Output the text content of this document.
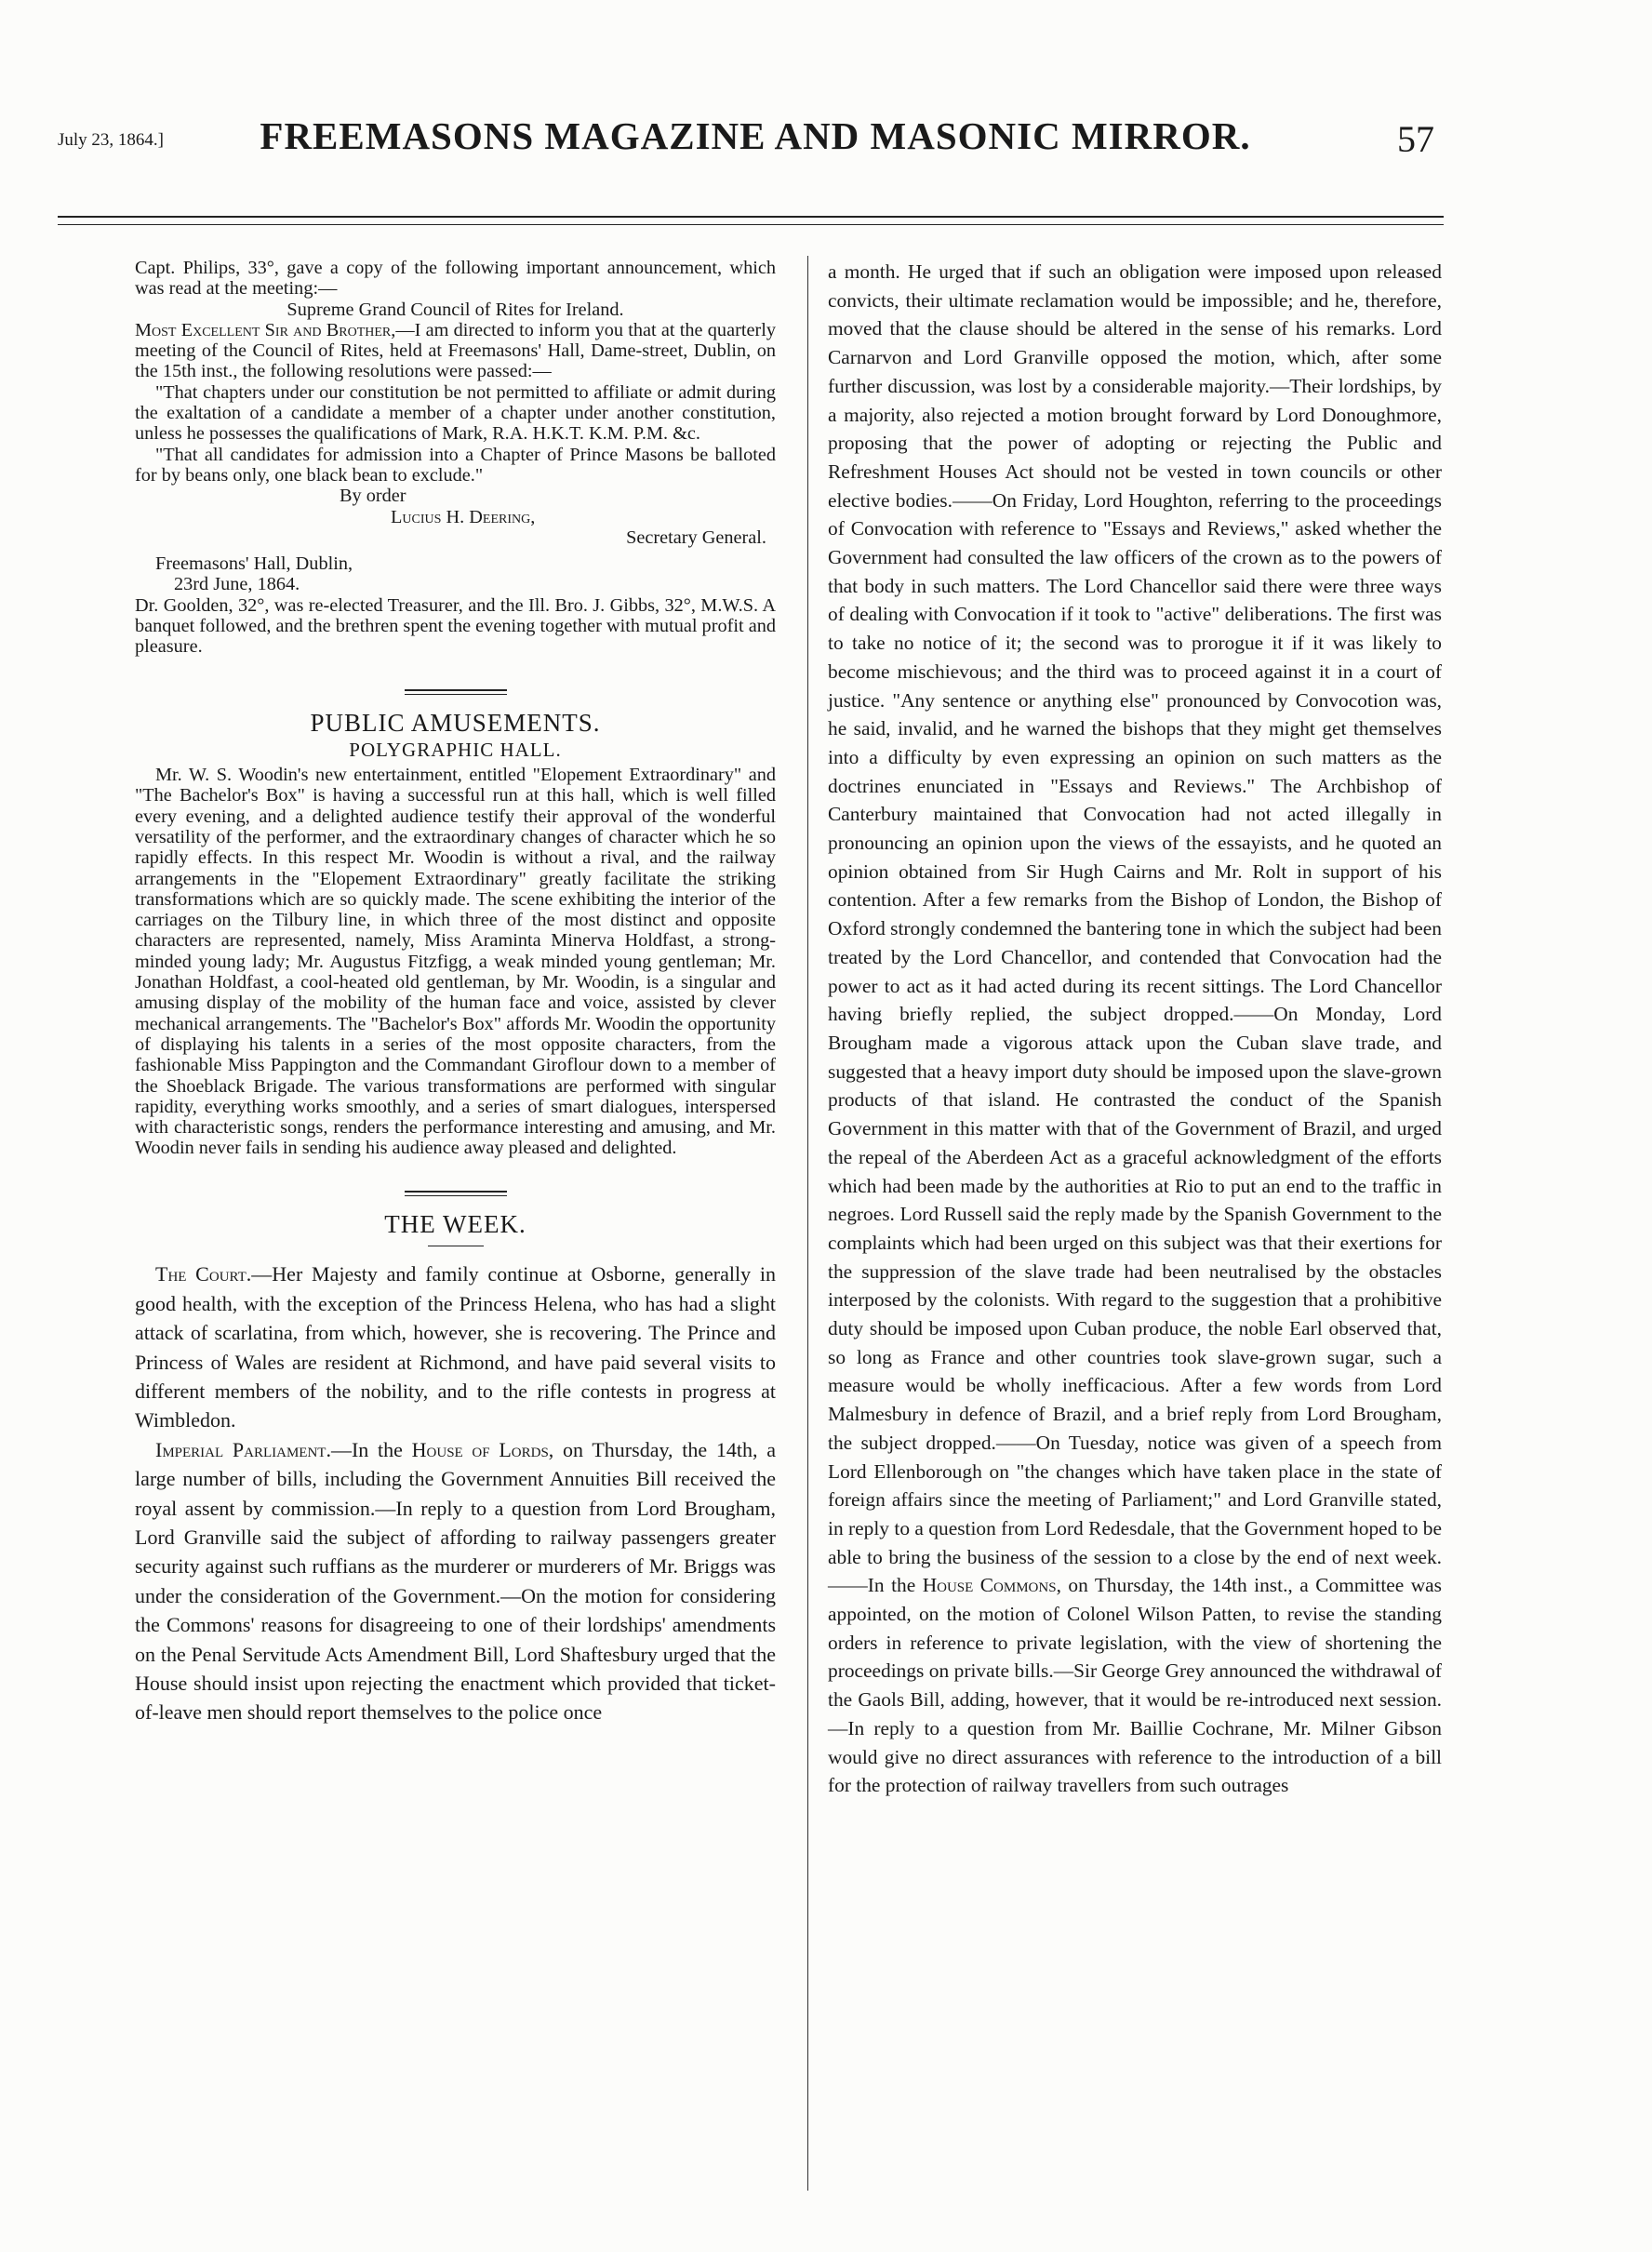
July 23, 1864.]	FREEMASONS MAGAZINE AND MASONIC MIRROR.	57

Capt. Philips, 33°, gave a copy of the following important announcement, which was read at the meeting:—

Supreme Grand Council of Rites for Ireland.

Most Excellent Sir and Brother,—I am directed to inform you that at the quarterly meeting of the Council of Rites, held at Freemasons' Hall, Dame-street, Dublin, on the 15th inst., the following resolutions were passed:—

"That chapters under our constitution be not permitted to affiliate or admit during the exaltation of a candidate a member of a chapter under another constitution, unless he possesses the qualifications of Mark, R.A. H.K.T. K.M. P.M. &c.

"That all candidates for admission into a Chapter of Prince Masons be balloted for by beans only, one black bean to exclude."

By order

Lucius H. Deering,

Secretary General.

Freemasons' Hall, Dublin,

23rd June, 1864.

Dr. Goolden, 32°, was re-elected Treasurer, and the Ill. Bro. J. Gibbs, 32°, M.W.S. A banquet followed, and the brethren spent the evening together with mutual profit and pleasure.

PUBLIC AMUSEMENTS.
POLYGRAPHIC HALL.

Mr. W. S. Woodin's new entertainment, entitled "Elopement Extraordinary" and "The Bachelor's Box" is having a successful run at this hall, which is well filled every evening, and a delighted audience testify their approval of the wonderful versatility of the performer, and the extraordinary changes of character which he so rapidly effects. In this respect Mr. Woodin is without a rival, and the railway arrangements in the "Elopement Extraordinary" greatly facilitate the striking transformations which are so quickly made. The scene exhibiting the interior of the carriages on the Tilbury line, in which three of the most distinct and opposite characters are represented, namely, Miss Araminta Minerva Holdfast, a strong-minded young lady; Mr. Augustus Fitzfigg, a weak minded young gentleman; Mr. Jonathan Holdfast, a cool-heated old gentleman, by Mr. Woodin, is a singular and amusing display of the mobility of the human face and voice, assisted by clever mechanical arrangements. The "Bachelor's Box" affords Mr. Woodin the opportunity of displaying his talents in a series of the most opposite characters, from the fashionable Miss Pappington and the Commandant Giroflour down to a member of the Shoeblack Brigade. The various transformations are performed with singular rapidity, everything works smoothly, and a series of smart dialogues, interspersed with characteristic songs, renders the performance interesting and amusing, and Mr. Woodin never fails in sending his audience away pleased and delighted.

THE WEEK.

The Court.—Her Majesty and family continue at Osborne, generally in good health, with the exception of the Princess Helena, who has had a slight attack of scarlatina, from which, however, she is recovering. The Prince and Princess of Wales are resident at Richmond, and have paid several visits to different members of the nobility, and to the rifle contests in progress at Wimbledon.

Imperial Parliament.—In the House of Lords, on Thursday, the 14th, a large number of bills, including the Government Annuities Bill received the royal assent by commission.—In reply to a question from Lord Brougham, Lord Granville said the subject of affording to railway passengers greater security against such ruffians as the murderer or murderers of Mr. Briggs was under the consideration of the Government.—On the motion for considering the Commons' reasons for disagreeing to one of their lordships' amendments on the Penal Servitude Acts Amendment Bill, Lord Shaftesbury urged that the House should insist upon rejecting the enactment which provided that ticket-of-leave men should report themselves to the police once

a month. He urged that if such an obligation were imposed upon released convicts, their ultimate reclamation would be impossible; and he, therefore, moved that the clause should be altered in the sense of his remarks. Lord Carnarvon and Lord Granville opposed the motion, which, after some further discussion, was lost by a considerable majority.—Their lordships, by a majority, also rejected a motion brought forward by Lord Donoughmore, proposing that the power of adopting or rejecting the Public and Refreshment Houses Act should not be vested in town councils or other elective bodies.——On Friday, Lord Houghton, referring to the proceedings of Convocation with reference to "Essays and Reviews," asked whether the Government had consulted the law officers of the crown as to the powers of that body in such matters. The Lord Chancellor said there were three ways of dealing with Convocation if it took to "active" deliberations. The first was to take no notice of it; the second was to prorogue it if it was likely to become mischievous; and the third was to proceed against it in a court of justice. "Any sentence or anything else" pronounced by Convocotion was, he said, invalid, and he warned the bishops that they might get themselves into a difficulty by even expressing an opinion on such matters as the doctrines enunciated in "Essays and Reviews." The Archbishop of Canterbury maintained that Convocation had not acted illegally in pronouncing an opinion upon the views of the essayists, and he quoted an opinion obtained from Sir Hugh Cairns and Mr. Rolt in support of his contention. After a few remarks from the Bishop of London, the Bishop of Oxford strongly condemned the bantering tone in which the subject had been treated by the Lord Chancellor, and contended that Convocation had the power to act as it had acted during its recent sittings. The Lord Chancellor having briefly replied, the subject dropped.——On Monday, Lord Brougham made a vigorous attack upon the Cuban slave trade, and suggested that a heavy import duty should be imposed upon the slave-grown products of that island. He contrasted the conduct of the Spanish Government in this matter with that of the Government of Brazil, and urged the repeal of the Aberdeen Act as a graceful acknowledgment of the efforts which had been made by the authorities at Rio to put an end to the traffic in negroes. Lord Russell said the reply made by the Spanish Government to the complaints which had been urged on this subject was that their exertions for the suppression of the slave trade had been neutralised by the obstacles interposed by the colonists. With regard to the suggestion that a prohibitive duty should be imposed upon Cuban produce, the noble Earl observed that, so long as France and other countries took slave-grown sugar, such a measure would be wholly inefficacious. After a few words from Lord Malmesbury in defence of Brazil, and a brief reply from Lord Brougham, the subject dropped.——On Tuesday, notice was given of a speech from Lord Ellenborough on "the changes which have taken place in the state of foreign affairs since the meeting of Parliament;" and Lord Granville stated, in reply to a question from Lord Redesdale, that the Government hoped to be able to bring the business of the session to a close by the end of next week.——In the House Commons, on Thursday, the 14th inst., a Committee was appointed, on the motion of Colonel Wilson Patten, to revise the standing orders in reference to private legislation, with the view of shortening the proceedings on private bills.—Sir George Grey announced the withdrawal of the Gaols Bill, adding, however, that it would be re-introduced next session.—In reply to a question from Mr. Baillie Cochrane, Mr. Milner Gibson would give no direct assurances with reference to the introduction of a bill for the protection of railway travellers from such outrages
